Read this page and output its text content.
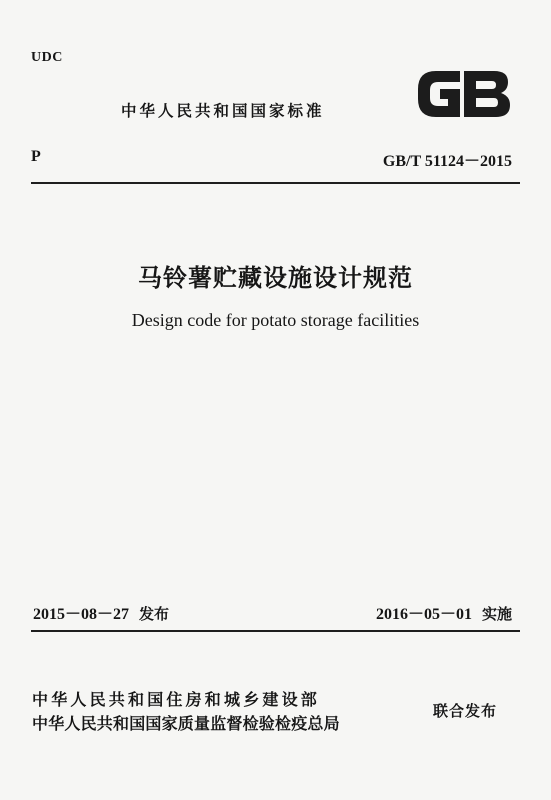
UDC
中华人民共和国国家标准
P	GB/T 51124－2015
马铃薯贮藏设施设计规范
Design code for potato storage facilities
2015－08－27 发布	2016－05－01 实施
中华人民共和国住房和城乡建设部
中华人民共和国国家质量监督检验检疫总局
联合发布
